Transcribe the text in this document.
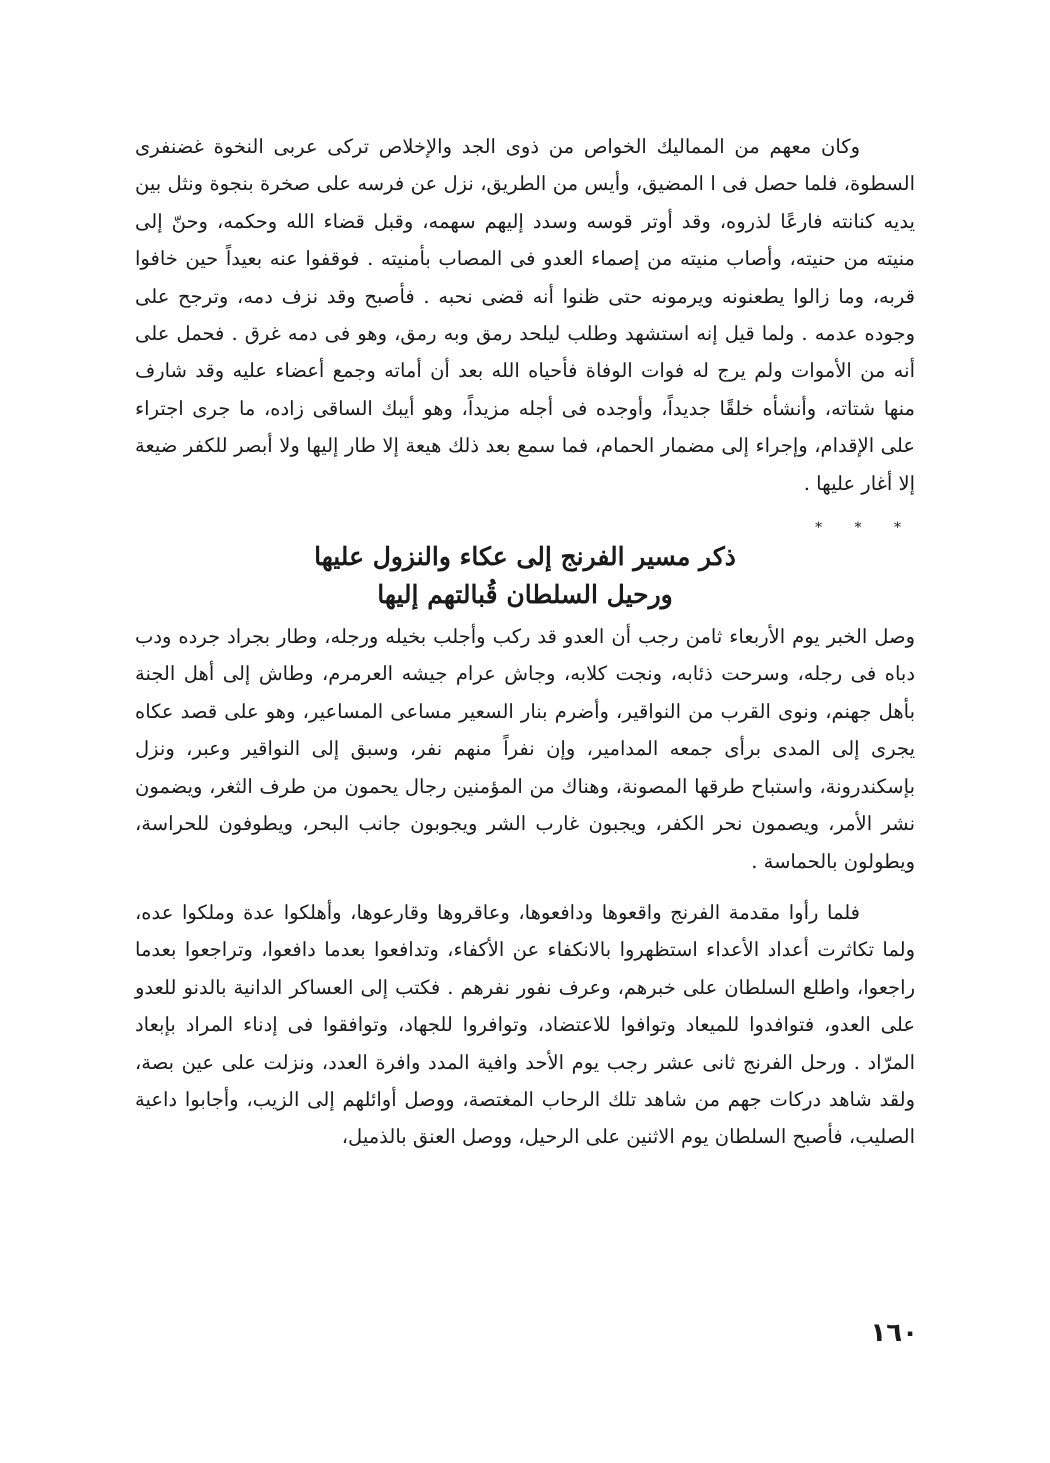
وكان معهم من المماليك الخواص من ذوى الجد والإخلاص تركى عربى النخوة غضنفرى السطوة، فلما حصل فى ا المضيق، وأيس من الطريق، نزل عن فرسه على صخرة بنجوة ونثل بين يديه كنانته فارعًا لذروه، وقد أوتر قوسه وسدد إليهم سهمه، وقبل قضاء الله وحكمه، وحنّ إلى منيته من حنيته، وأصاب منيته من إصماء العدو فى المصاب بأمنيته . فوقفوا عنه بعيداً حين خافوا قربه، وما زالوا يطعنونه ويرمونه حتى ظنوا أنه قضى نحبه . فأصبح وقد نزف دمه، وترجح على وجوده عدمه . ولما قيل إنه استشهد وطلب ليلحد رمق وبه رمق، وهو فى دمه غرق . فحمل على أنه من الأموات ولم يرج له فوات الوفاة فأحياه الله بعد أن أماته وجمع أعضاء عليه وقد شارف منها شتاته، وأنشأه خلقًا جديداً، وأوجده فى أجله مزيداً، وهو أيبك الساقى زاده، ما جرى اجتراء على الإقدام، وإجراء إلى مضمار الحمام، فما سمع بعد ذلك هيعة إلا طار إليها ولا أبصر للكفر ضيعة إلا أغار عليها .

* * *

ذكر مسير الفرنج إلى عكاء والنزول عليها

ورحيل السلطان قُبالتهم إليها

وصل الخبر يوم الأربعاء ثامن رجب أن العدو قد ركب وأجلب بخيله ورجله، وطار بجراد جرده ودب دباه فى رجله، وسرحت ذئابه، ونجت كلابه، وجاش عرام جيشه العرمرم، وطاش إلى أهل الجنة بأهل جهنم، ونوى القرب من النواقير، وأضرم بنار السعير مساعى المساعير، وهو على قصد عكاه يجرى إلى المدى برأى جمعه المدامير، وإن نفراً منهم نفر، وسبق إلى النواقير وعبر، ونزل بإسكندرونة، واستباح طرقها المصونة، وهناك من المؤمنين رجال يحمون من طرف الثغر، ويضمون نشر الأمر، ويصمون نحر الكفر، ويجبون غارب الشر ويجوبون جانب البحر، ويطوفون للحراسة، ويطولون بالحماسة .

فلما رأوا مقدمة الفرنج واقعوها ودافعوها، وعاقروها وقارعوها، وأهلكوا عدة وملكوا عده، ولما تكاثرت أعداد الأعداء استظهروا بالانكفاء عن الأكفاء، وتدافعوا بعدما دافعوا، وتراجعوا بعدما راجعوا، واطلع السلطان على خبرهم، وعرف نفور نفرهم . فكتب إلى العساكر الدانية بالدنو للعدو على العدو، فتوافدوا للميعاد وتوافوا للاعتضاد، وتوافروا للجهاد، وتوافقوا فى إدناء المراد بإبعاد المرّاد . ورحل الفرنج ثانى عشر رجب يوم الأحد وافية المدد وافرة العدد، ونزلت على عين بصة، ولقد شاهد دركات جهم من شاهد تلك الرحاب المغتصة، ووصل أوائلهم إلى الزيب، وأجابوا داعية الصليب، فأصبح السلطان يوم الاثنين على الرحيل، ووصل العنق بالذميل،

١٦٠
